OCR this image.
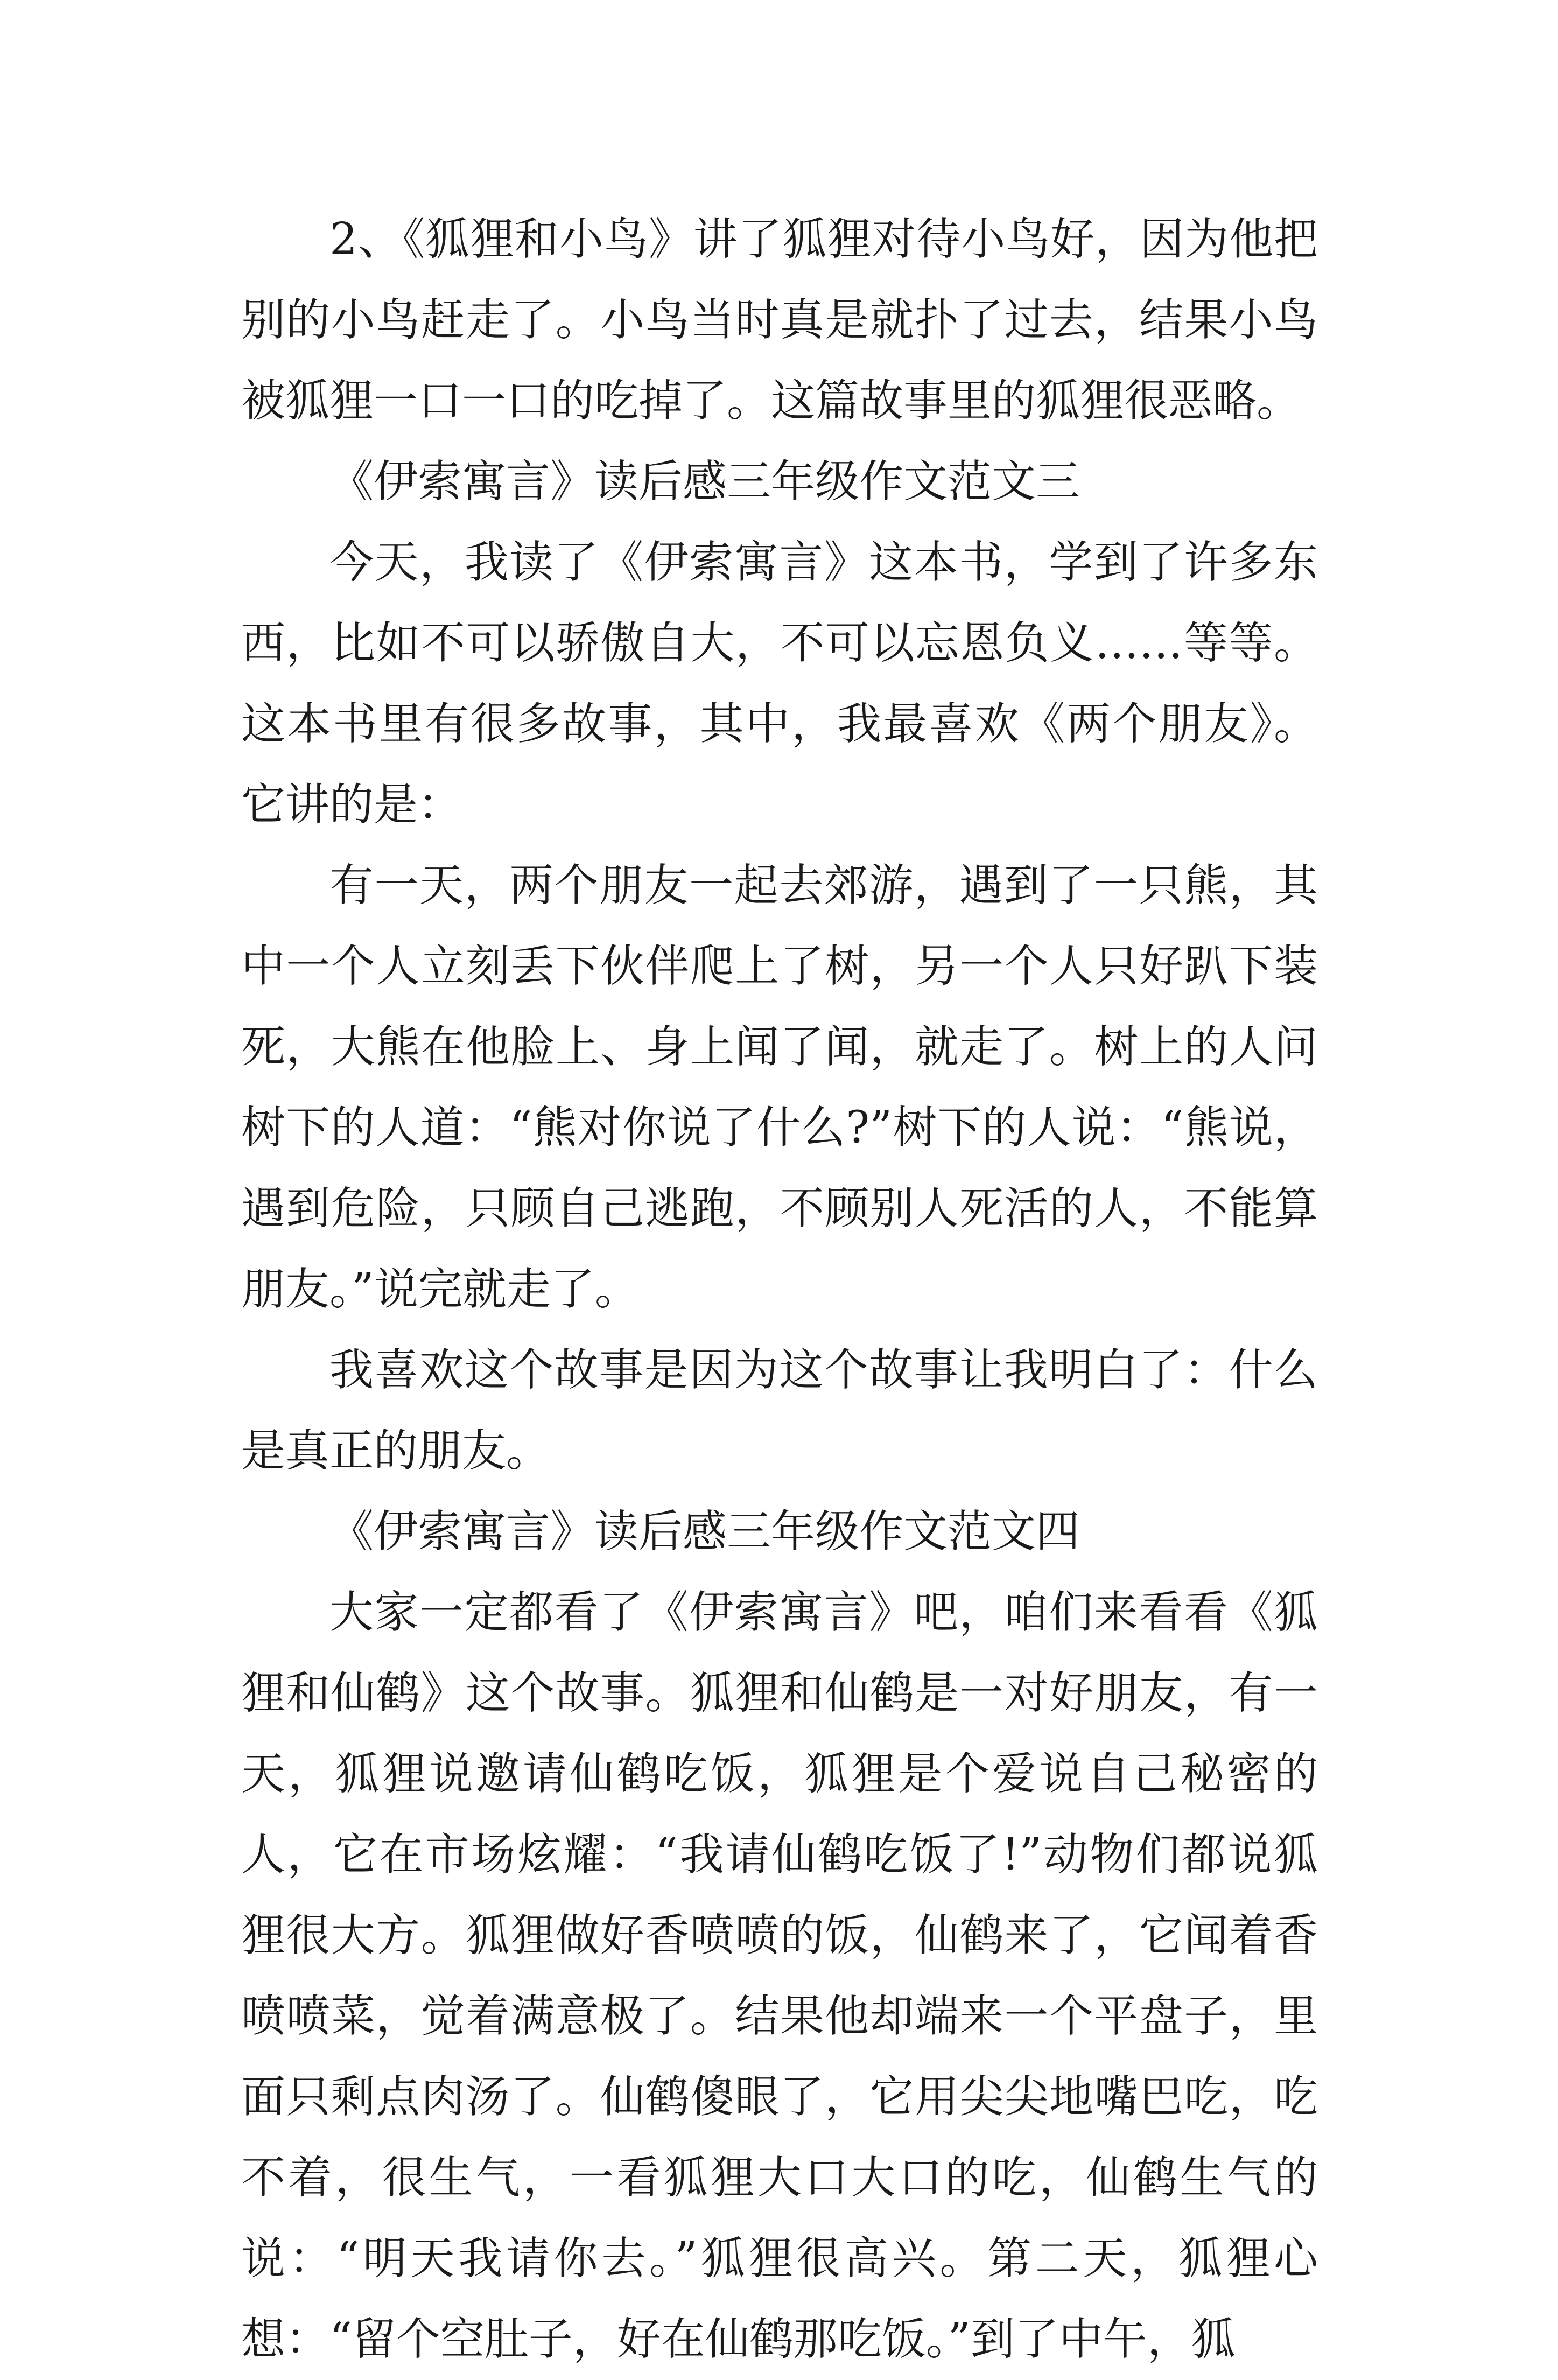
2、《狐狸和小鸟》讲了狐狸对待小鸟好，因为他把别的小鸟赶走了。小鸟当时真是就扑了过去，结果小鸟被狐狸一口一口的吃掉了。这篇故事里的狐狸很恶略。

《伊索寓言》读后感三年级作文范文三

今天，我读了《伊索寓言》这本书，学到了许多东西，比如不可以骄傲自大，不可以忘恩负义……等等。这本书里有很多故事，其中，我最喜欢《两个朋友》。它讲的是：

有一天，两个朋友一起去郊游，遇到了一只熊，其中一个人立刻丢下伙伴爬上了树，另一个人只好趴下装死，大熊在他脸上、身上闻了闻，就走了。树上的人问树下的人道：“熊对你说了什么?”树下的人说：“熊说，遇到危险，只顾自己逃跑，不顾别人死活的人，不能算朋友。”说完就走了。

我喜欢这个故事是因为这个故事让我明白了：什么是真正的朋友。

《伊索寓言》读后感三年级作文范文四

大家一定都看了《伊索寓言》吧，咱们来看看《狐狸和仙鹤》这个故事。狐狸和仙鹤是一对好朋友，有一天，狐狸说邀请仙鹤吃饭，狐狸是个爱说自己秘密的人，它在市场炫耀：“我请仙鹤吃饭了!”动物们都说狐狸很大方。狐狸做好香喷喷的饭，仙鹤来了，它闻着香喷喷菜，觉着满意极了。结果他却端来一个平盘子，里面只剩点肉汤了。仙鹤傻眼了，它用尖尖地嘴巴吃，吃不着，很生气，一看狐狸大口大口的吃，仙鹤生气的说：“明天我请你去。”狐狸很高兴。第二天，狐狸心想：“留个空肚子，好在仙鹤那吃饭。”到了中午，狐
